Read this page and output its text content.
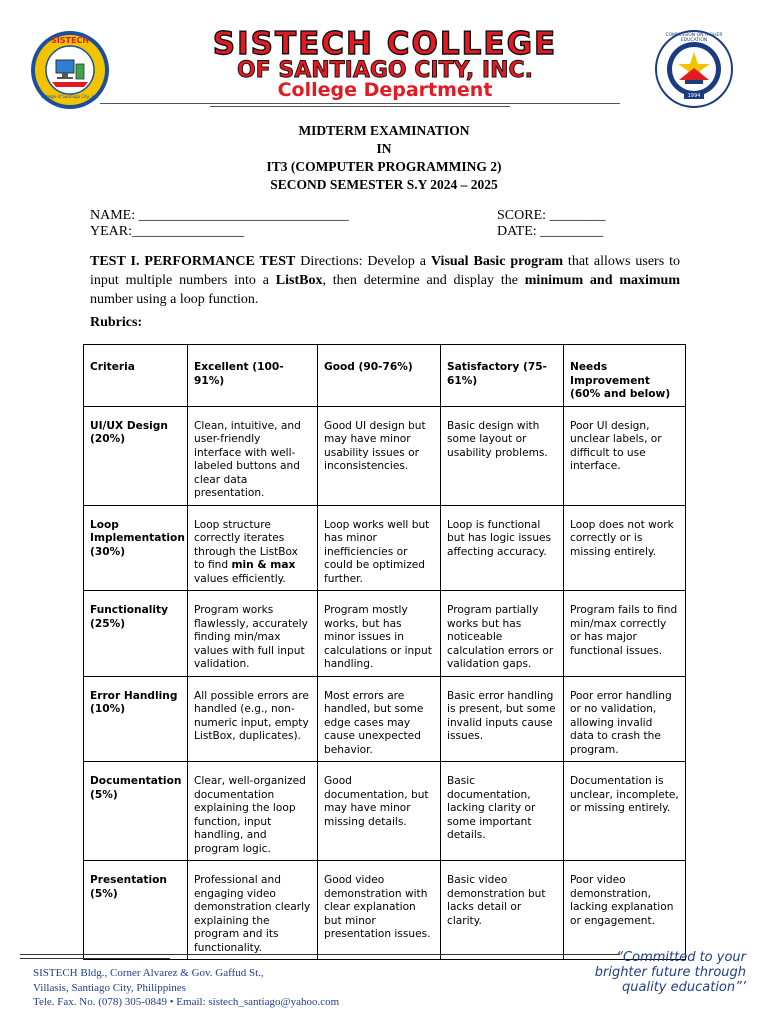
SISTECH
College of Santiago City, Inc.
SISTECH COLLEGE
OF SANTIAGO CITY, INC.
College Department
COMMISSION ON HIGHER EDUCATION
1994
MIDTERM EXAMINATION
IN
IT3 (COMPUTER PROGRAMMING 2)
SECOND SEMESTER S.Y 2024 – 2025
NAME: ______________________________
YEAR:________________
SCORE: ________
DATE: _________
TEST I. PERFORMANCE TEST Directions: Develop a Visual Basic program that allows users to input multiple numbers into a ListBox, then determine and display the minimum and maximum number using a loop function.
Rubrics:
Criteria	Excellent (100-91%)	Good (90-76%)	Satisfactory (75-61%)	Needs Improvement (60% and below)
UI/UX Design (20%)	Clean, intuitive, and user-friendly interface with well-labeled buttons and clear data presentation.	Good UI design but may have minor usability issues or inconsistencies.	Basic design with some layout or usability problems.	Poor UI design, unclear labels, or difficult to use interface.
Loop Implementation (30%)	Loop structure correctly iterates through the ListBox to find min & max values efficiently.	Loop works well but has minor inefficiencies or could be optimized further.	Loop is functional but has logic issues affecting accuracy.	Loop does not work correctly or is missing entirely.
Functionality (25%)	Program works flawlessly, accurately finding min/max values with full input validation.	Program mostly works, but has minor issues in calculations or input handling.	Program partially works but has noticeable calculation errors or validation gaps.	Program fails to find min/max correctly or has major functional issues.
Error Handling (10%)	All possible errors are handled (e.g., non-numeric input, empty ListBox, duplicates).	Most errors are handled, but some edge cases may cause unexpected behavior.	Basic error handling is present, but some invalid inputs cause issues.	Poor error handling or no validation, allowing invalid data to crash the program.
Documentation (5%)	Clear, well-organized documentation explaining the loop function, input handling, and program logic.	Good documentation, but may have minor missing details.	Basic documentation, lacking clarity or some important details.	Documentation is unclear, incomplete, or missing entirely.
Presentation (5%)	Professional and engaging video demonstration clearly explaining the program and its functionality.	Good video demonstration with clear explanation but minor presentation issues.	Basic video demonstration but lacks detail or clarity.	Poor video demonstration, lacking explanation or engagement.
SISTECH Bldg., Corner Alvarez & Gov. Gaffud St.,
Villasis, Santiago City, Philippines
Tele. Fax. No. (078) 305-0849 • Email: sistech_santiago@yahoo.com
“Committed to your
brighter future through
quality education”’
